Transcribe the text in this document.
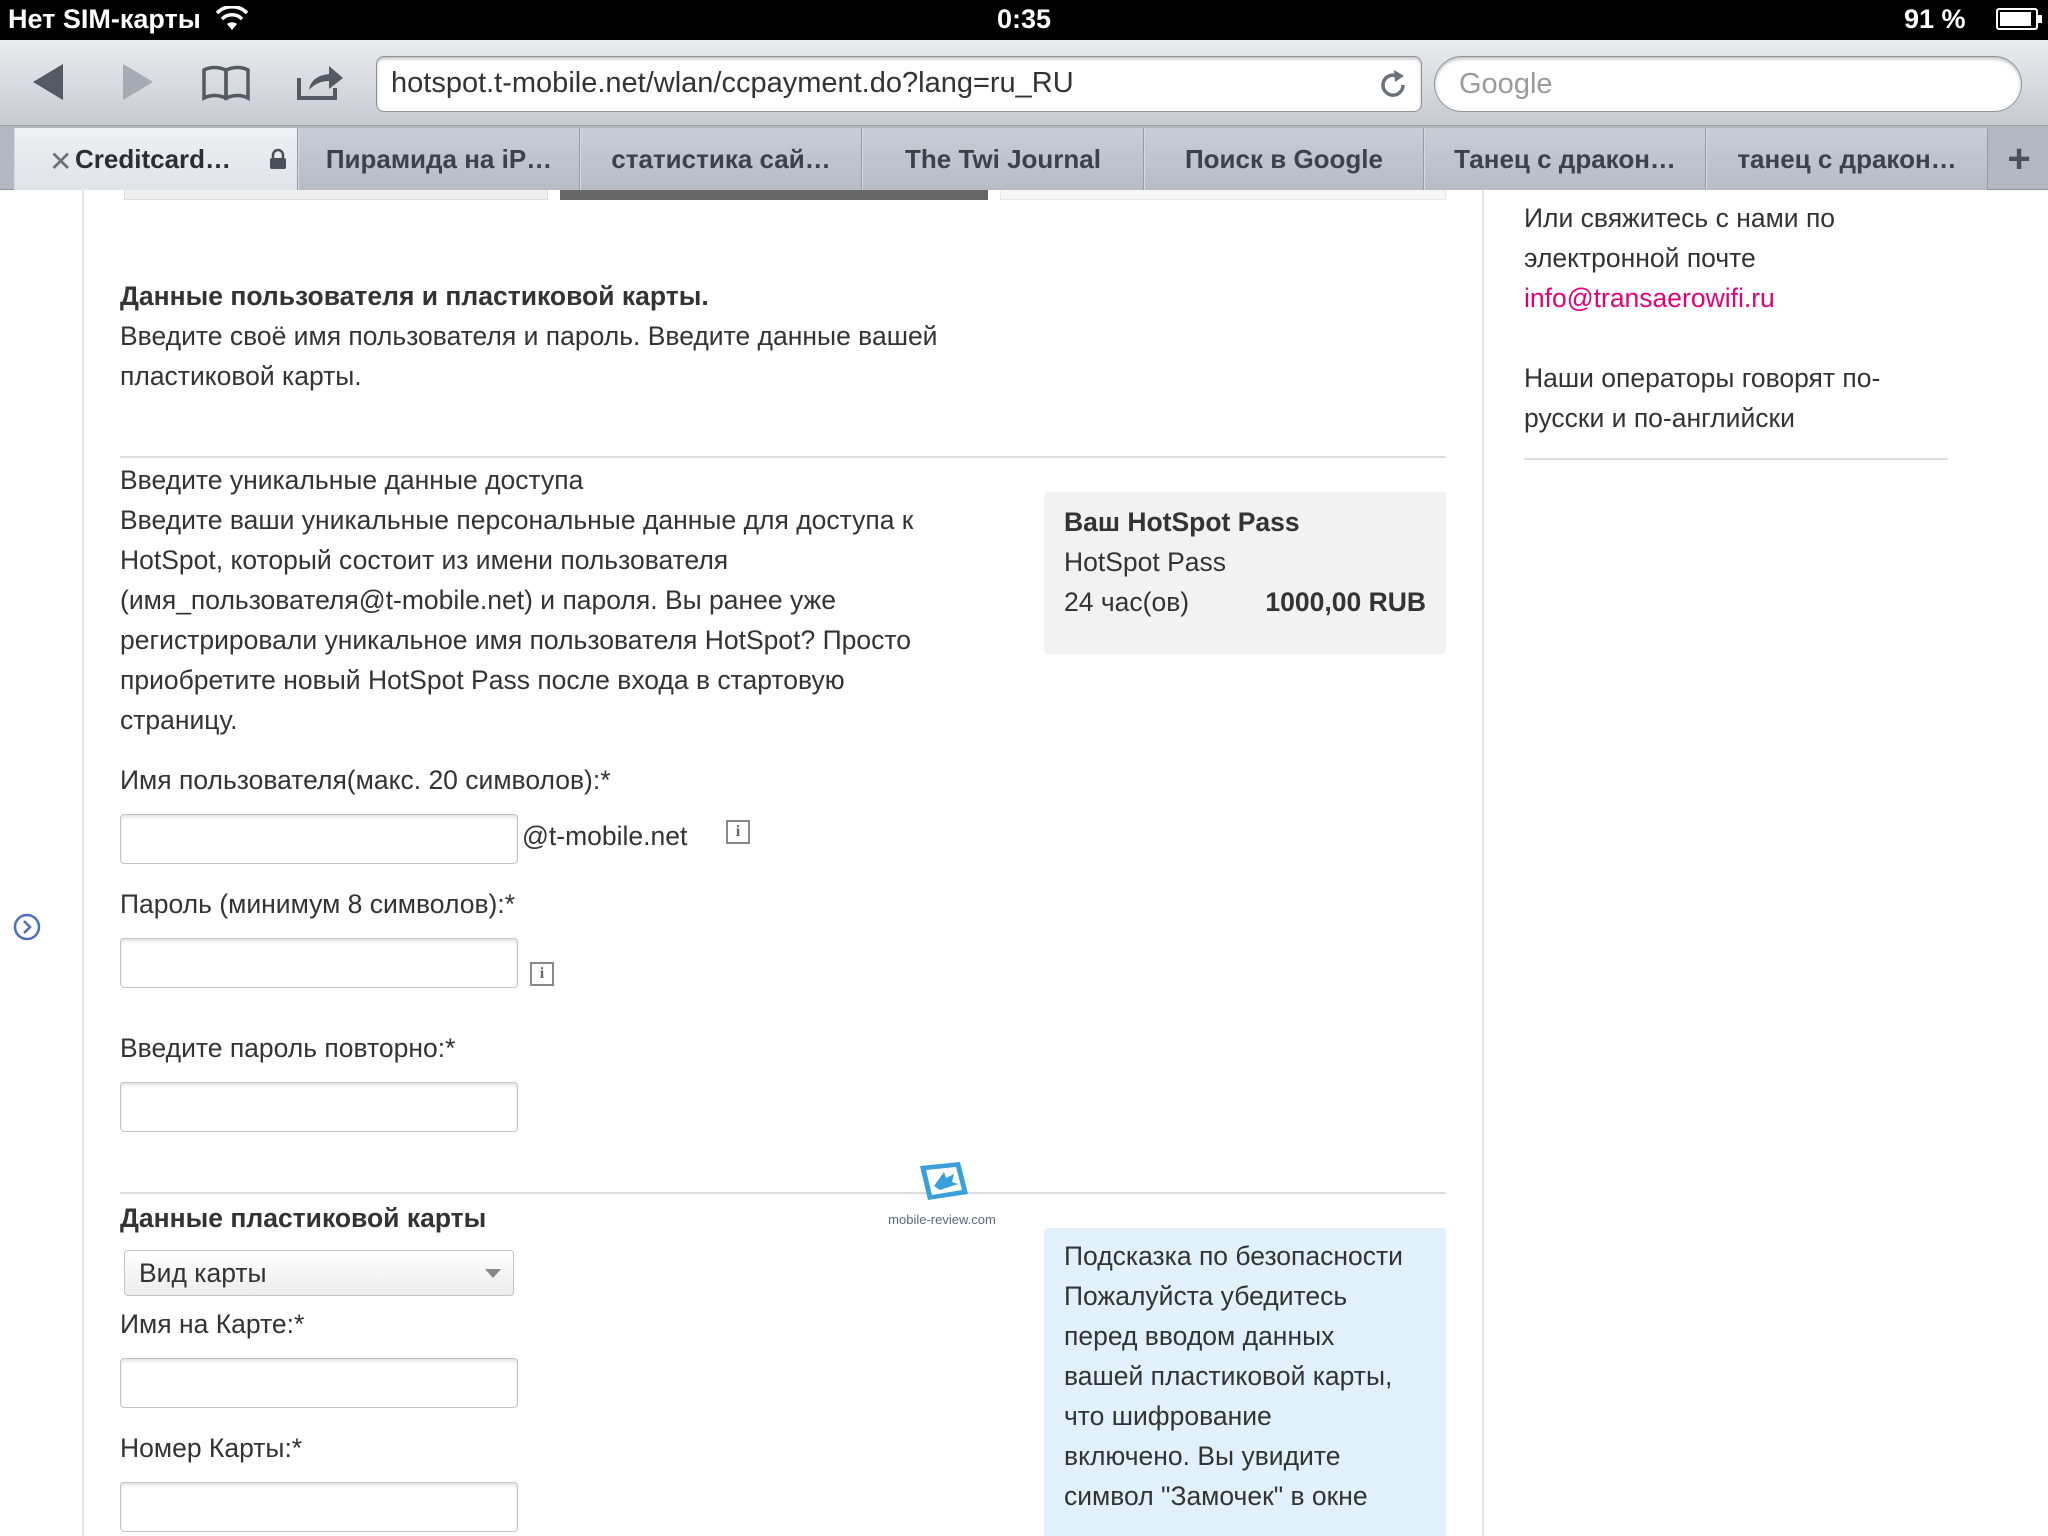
Нет SIM-карты	0:35	91 %
hotspot.t-mobile.net/wlan/ccpayment.do?lang=ru_RU	Google
✕ Creditcard…	Пирамида на iP… статистика сай…	The Twi Journal	Поиск в Google	Танец с дракон… танец с дракон…	+
Данные пользователя и пластиковой карты.
Введите своё имя пользователя и пароль. Введите данные вашей
пластиковой карты.
Введите уникальные данные доступа
Введите ваши уникальные персональные данные для доступа к
HotSpot, который состоит из имени пользователя
(имя_пользователя@t-mobile.net) и пароля. Вы ранее уже
регистрировали уникальное имя пользователя HotSpot? Просто
приобретите новый HotSpot Pass после входа в стартовую
страницу.
Ваш HotSpot Pass
HotSpot Pass
24 час(ов)	1000,00 RUB
Имя пользователя(макс. 20 символов):*
@t-mobile.net	i
Пароль (минимум 8 символов):*
i
Введите пароль повторно:*
mobile-review.com
Данные пластиковой карты
Вид карты
Имя на Карте:*
Номер Карты:*
Подсказка по безопасности
Пожалуйста убедитесь
перед вводом данных
вашей пластиковой карты,
что шифрование
включено. Вы увидите
символ "Замочек" в окне
Или свяжитесь с нами по
электронной почте
info@transaerowifi.ru
Наши операторы говорят по-
русски и по-английски
